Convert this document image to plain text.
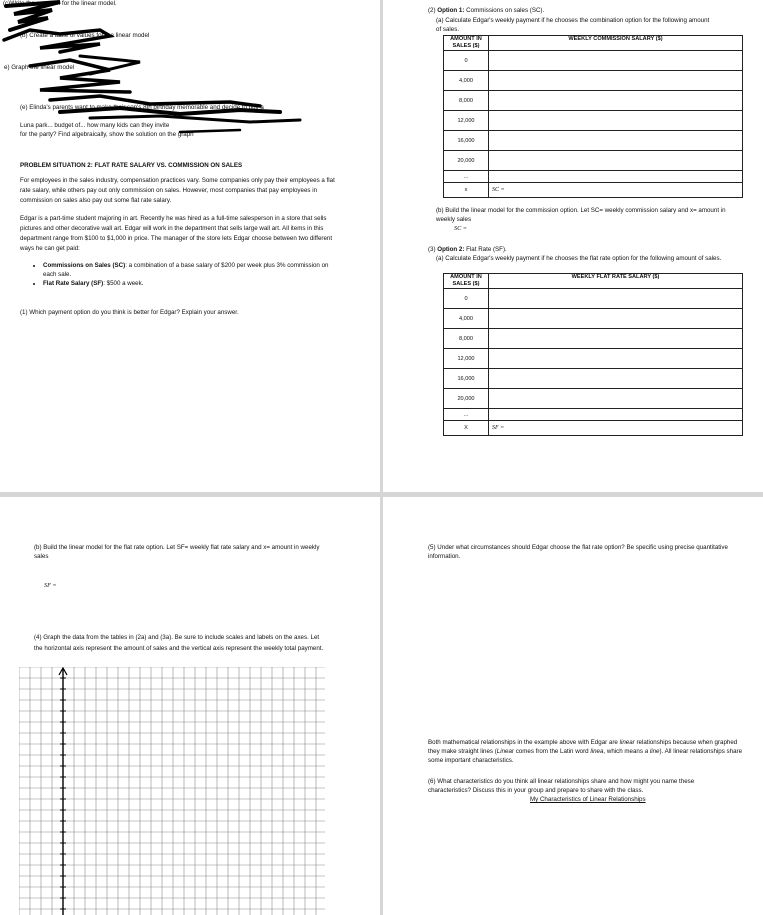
(c)Write the equation for the linear model.
(b) Create a table of values for the linear model
e) Graph the linear model
(e) Elinda's parents want to make their son's 8th birthday memorable and decide to buy a
Luna park... budget of... how many kids can they invite
for the party? Find algebraically, show the solution on the graph
PROBLEM SITUATION 2: FLAT RATE SALARY VS. COMMISSION ON SALES
For employees in the sales industry, compensation practices vary. Some companies only pay their employees a flat rate salary, while others pay out only commission on sales. However, most companies that pay employees in commission on sales also pay out some flat rate salary.
Edgar is a part-time student majoring in art. Recently he was hired as a full-time salesperson in a store that sells pictures and other decorative wall art. Edgar will work in the department that sells large wall art. All items in this department range from $100 to $1,000 in price. The manager of the store lets Edgar choose between two different ways he can get paid:
• Commissions on Sales (SC): a combination of a base salary of $200 per week plus 3% commission on each sale.
• Flat Rate Salary (SF): $500 a week.
(1) Which payment option do you think is better for Edgar? Explain your answer.
(2) Option 1: Commissions on sales (SC).
(a) Calculate Edgar's weekly payment if he chooses the combination option for the following amount of sales.
AMOUNT IN SALES ($)	WEEKLY COMMISSION SALARY ($)
0	
4,000	
8,000	
12,000	
16,000	
20,000	
...	
x	SC =
(b) Build the linear model for the commission option. Let SC= weekly commission salary and x= amount in weekly sales
SC =
(3) Option 2: Flat Rate (SF).
(a) Calculate Edgar's weekly payment if he chooses the flat rate option for the following amount of sales.
AMOUNT IN SALES ($)	WEEKLY FLAT RATE SALARY ($)
0	
4,000	
8,000	
12,000	
16,000	
20,000	
...	
X	SF =
(b) Build the linear model for the flat rate option. Let SF= weekly flat rate salary and x= amount in weekly sales
SF =
(4) Graph the data from the tables in (2a) and (3a). Be sure to include scales and labels on the axes. Let the horizontal axis represent the amount of sales and the vertical axis represent the weekly total payment.
(5) Under what circumstances should Edgar choose the flat rate option? Be specific using precise quantitative information.
Both mathematical relationships in the example above with Edgar are linear relationships because when graphed they make straight lines (Linear comes from the Latin word linea, which means a line). All linear relationships share some important characteristics.
(6) What characteristics do you think all linear relationships share and how might you name these characteristics? Discuss this in your group and prepare to share with the class.
My Characteristics of Linear Relationships
